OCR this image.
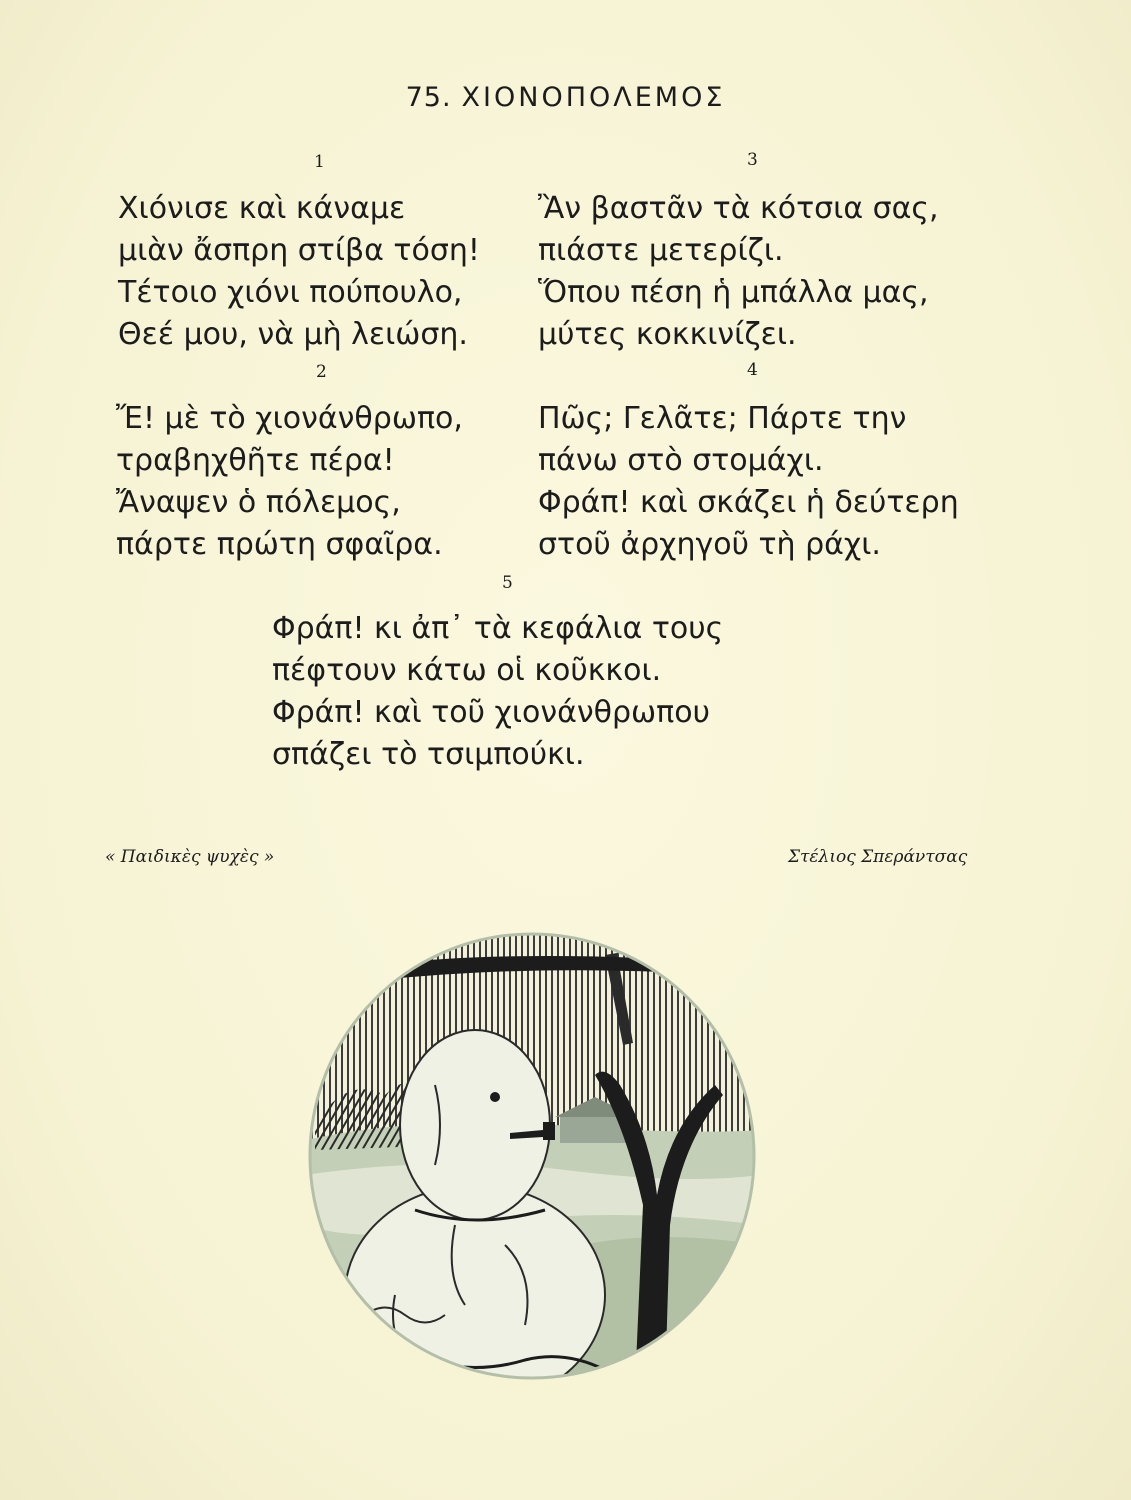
75. ΧΙΟΝΟΠΟΛΕΜΟΣ
1
Χιόνισε καὶ κάναμε
μιὰν ἄσπρη στίβα τόση!
Τέτοιο χιόνι πούπουλο,
Θεέ μου, νὰ μὴ λειώση.
2
Ἔ! μὲ τὸ χιονάνθρωπο,
τραβηχθῆτε πέρα!
Ἄναψεν ὁ πόλεμος,
πάρτε πρώτη σφαῖρα.
3
Ἂν βαστᾶν τὰ κότσια σας,
πιάστε μετερίζι.
Ὅπου πέση ἡ μπάλλα μας,
μύτες κοκκινίζει.
4
Πῶς; Γελᾶτε; Πάρτε την
πάνω στὸ στομάχι.
Φράπ! καὶ σκάζει ἡ δεύτερη
στοῦ ἀρχηγοῦ τὴ ράχι.
5
Φράπ! κι ἀπ᾿ τὰ κεφάλια τους
πέφτουν κάτω οἱ κοῦκκοι.
Φράπ! καὶ τοῦ χιονάνθρωπου
σπάζει τὸ τσιμπούκι.
« Παιδικὲς ψυχὲς »	Στέλιος Σπεράντσας
